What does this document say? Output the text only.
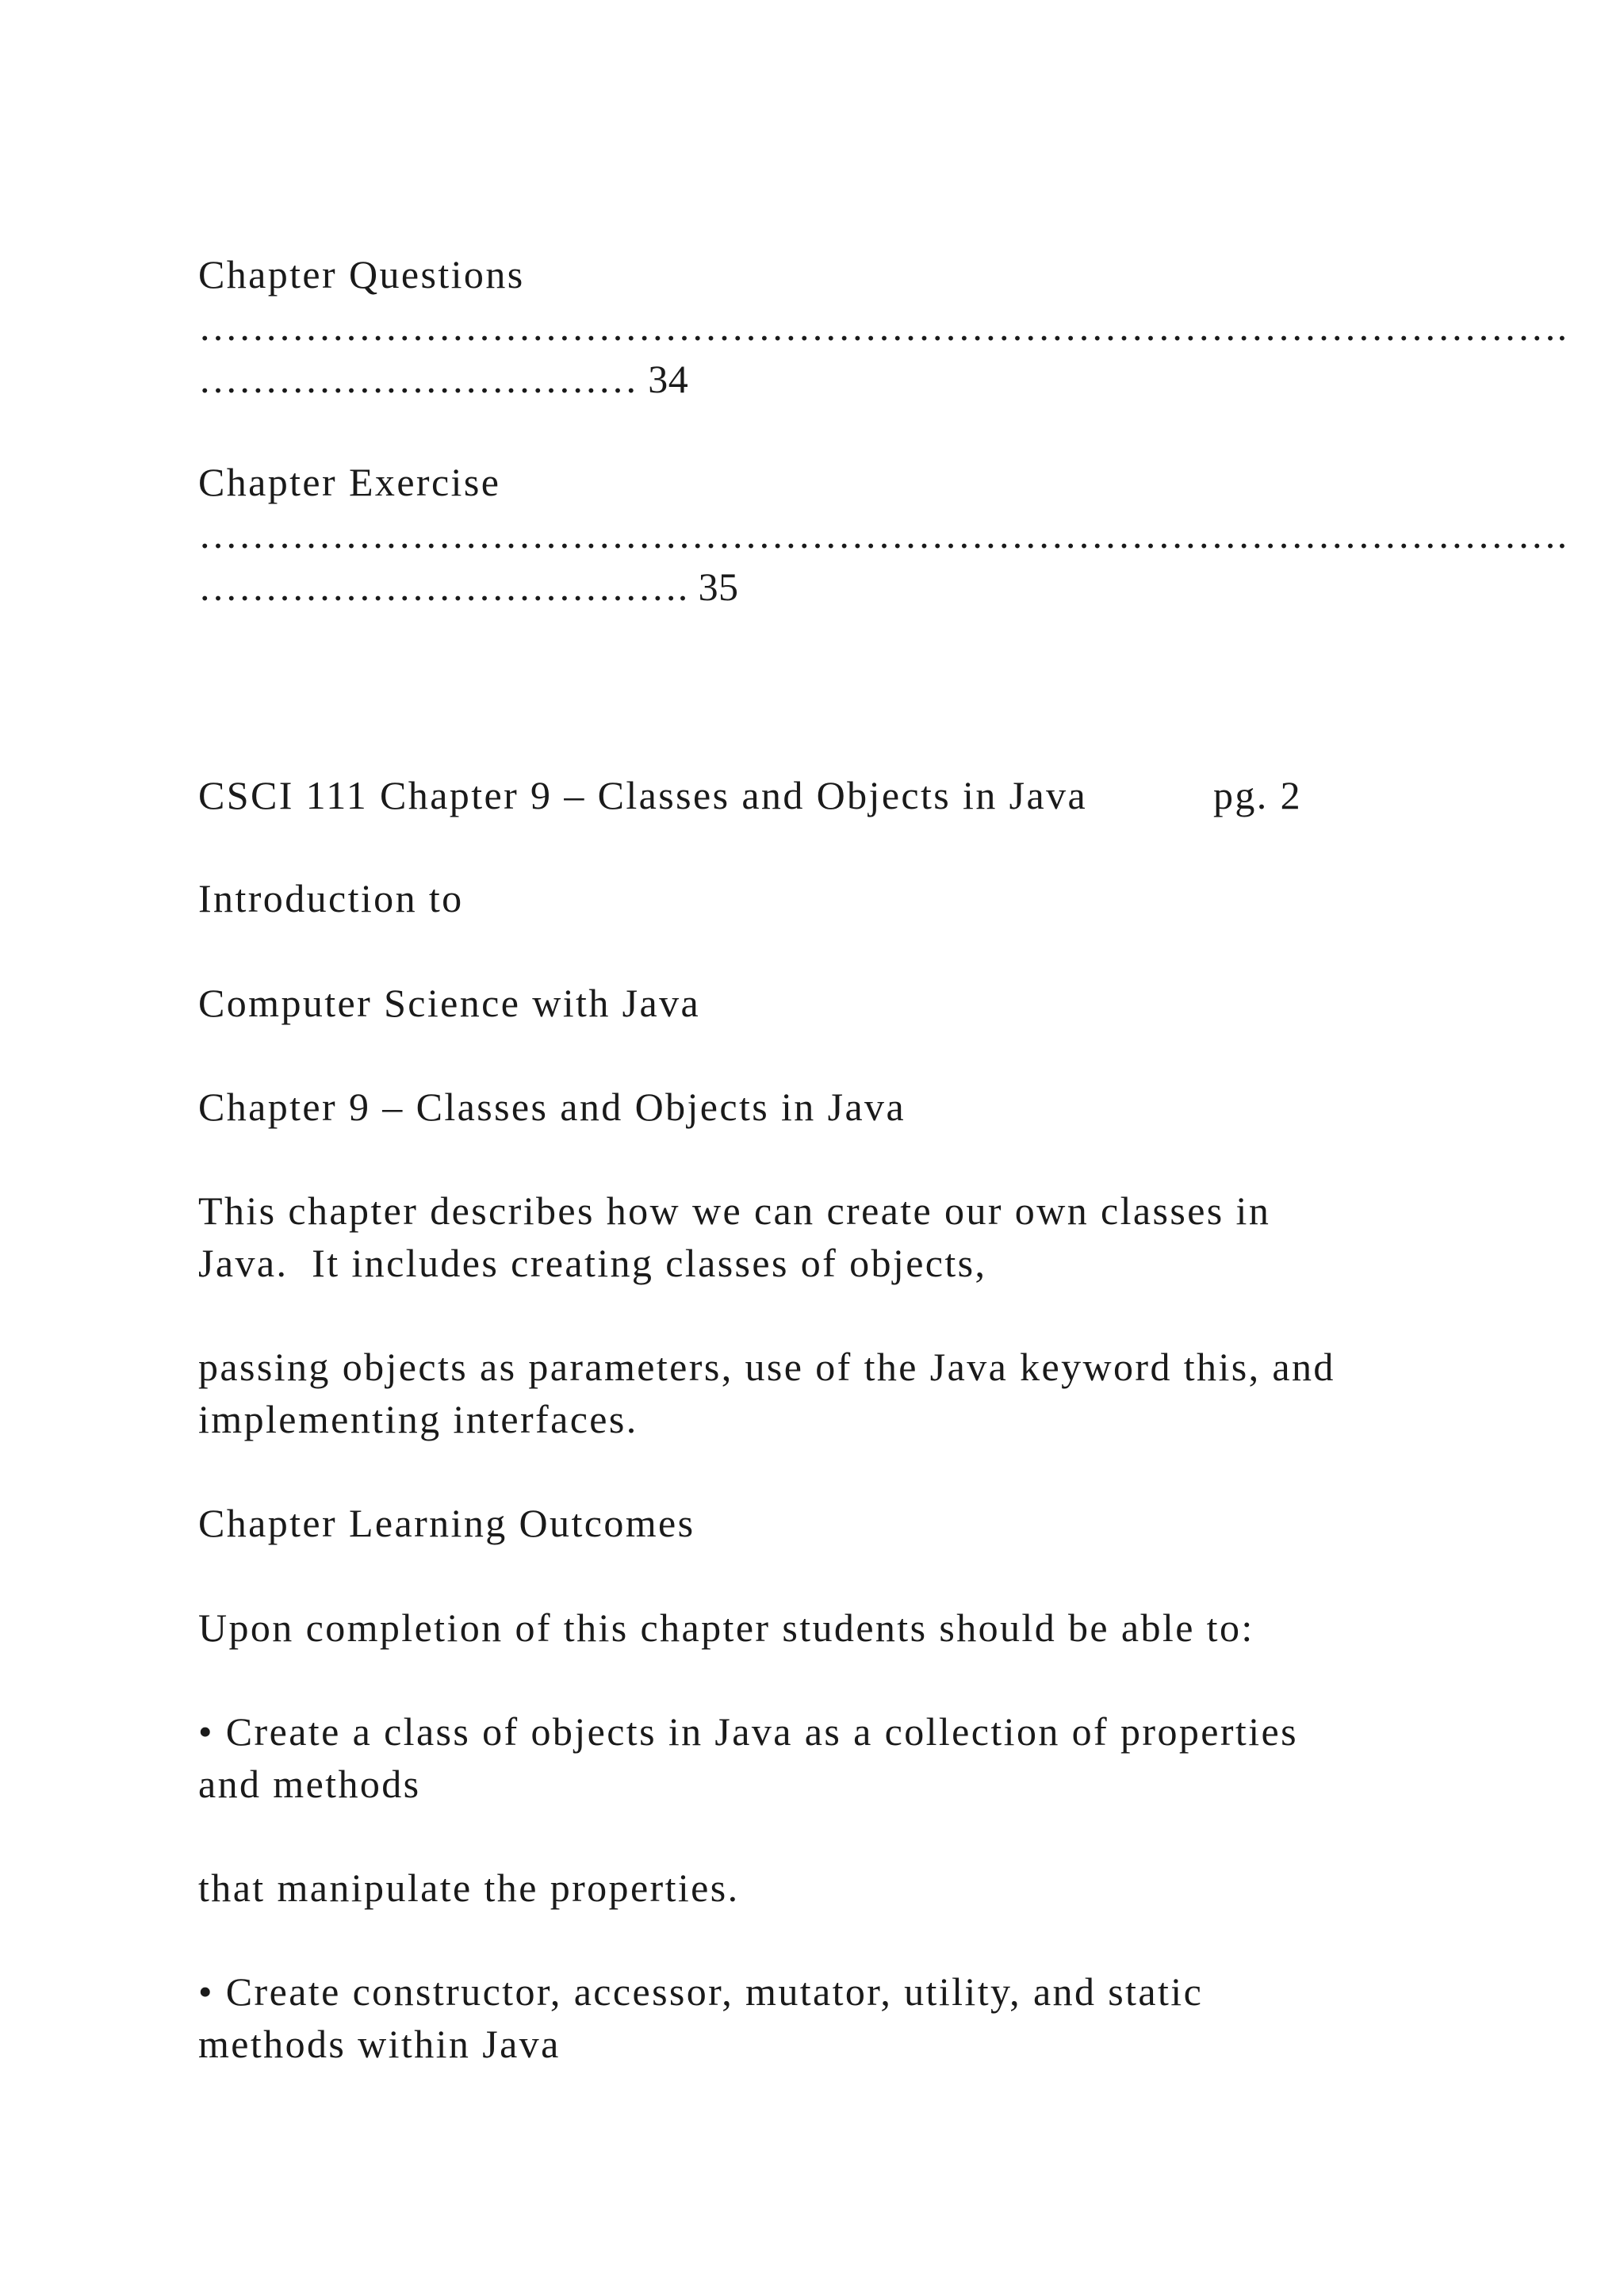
Chapter Questions

………………………………………………………………………………………….

…………………………… 34

Chapter Exercise

………………………………………………………………………………………….

………………………………. 35

CSCI 111 Chapter 9 – Classes and Objects in Java	pg. 2

Introduction to

Computer Science with Java

Chapter 9 – Classes and Objects in Java

This chapter describes how we can create our own classes in

Java.  It includes creating classes of objects,

passing objects as parameters, use of the Java keyword this, and

implementing interfaces.

Chapter Learning Outcomes

Upon completion of this chapter students should be able to:

• Create a class of objects in Java as a collection of properties

and methods

that manipulate the properties.

• Create constructor, accessor, mutator, utility, and static

methods within Java
